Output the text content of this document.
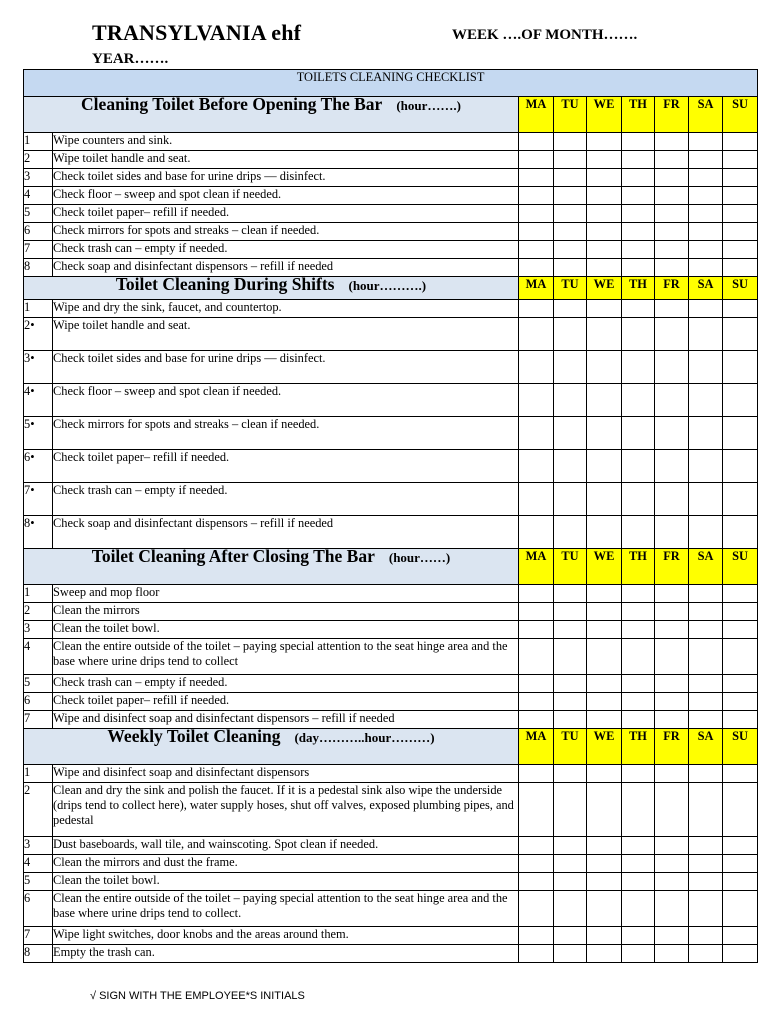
TRANSYLVANIA ehf	WEEK ….OF MONTH…….
YEAR…….
TOILETS CLEANING CHECKLIST								
Cleaning Toilet Before Opening The Bar (hour…….)		MA	TU	WE	TH	FR	SA	SU
1	Wipe counters and sink.							
2	Wipe toilet handle and seat.							
3	Check toilet sides and base for urine drips — disinfect.							
4	Check floor – sweep and spot clean if needed.							
5	Check toilet paper– refill if needed.							
6	Check mirrors for spots and streaks – clean if needed.							
7	Check trash can – empty if needed.							
8	Check soap and disinfectant dispensors – refill if needed							
Toilet Cleaning During Shifts (hour……….)		MA	TU	WE	TH	FR	SA	SU
1	Wipe and dry the sink, faucet, and countertop.							
2•	Wipe toilet handle and seat.							
3•	Check toilet sides and base for urine drips — disinfect.							
4•	Check floor – sweep and spot clean if needed.							
5•	Check mirrors for spots and streaks – clean if needed.							
6•	Check toilet paper– refill if needed.							
7•	Check trash can – empty if needed.							
8•	Check soap and disinfectant dispensors – refill if needed							
Toilet Cleaning After Closing The Bar (hour……)		MA	TU	WE	TH	FR	SA	SU
1	Sweep and mop floor							
2	Clean the mirrors							
3	Clean the toilet bowl.							
4	Clean the entire outside of the toilet – paying special attention to the seat hinge area and the base where urine drips tend to collect							
5	Check trash can – empty if needed.							
6	Check toilet paper– refill if needed.							
7	Wipe and disinfect soap and disinfectant dispensors – refill if needed							
Weekly Toilet Cleaning (day………..hour………)		MA	TU	WE	TH	FR	SA	SU
1	Wipe and disinfect soap and disinfectant dispensors							
2	Clean and dry the sink and polish the faucet. If it is a pedestal sink also wipe the underside (drips tend to collect here), water supply hoses, shut off valves, exposed plumbing pipes, and pedestal							
3	Dust baseboards, wall tile, and wainscoting. Spot clean if needed.							
4	Clean the mirrors and dust the frame.							
5	Clean the toilet bowl.							
6	Clean the entire outside of the toilet – paying special attention to the seat hinge area and the base where urine drips tend to collect.							
7	Wipe light switches, door knobs and the areas around them.							
8	Empty the trash can.							
√ SIGN WITH THE EMPLOYEE*S INITIALS
